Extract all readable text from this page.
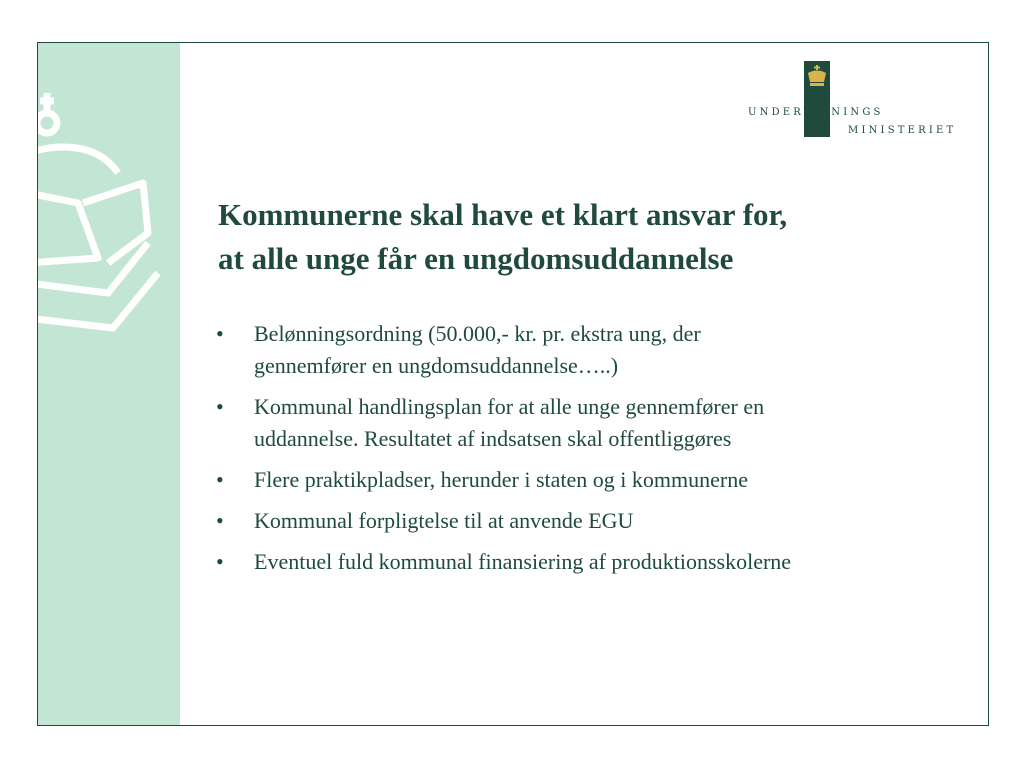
UNDERVISNINGS
MINISTERIET
Kommunerne skal have et klart ansvar for,
at alle unge får en ungdomsuddannelse
• Belønningsordning (50.000,- kr. pr. ekstra ung, der
gennemfører en ungdomsuddannelse…..)
• Kommunal handlingsplan for at alle unge gennemfører en
uddannelse. Resultatet af indsatsen skal offentliggøres
• Flere praktikpladser, herunder i staten og i kommunerne
• Kommunal forpligtelse til at anvende EGU
• Eventuel fuld kommunal finansiering af produktionsskolerne
